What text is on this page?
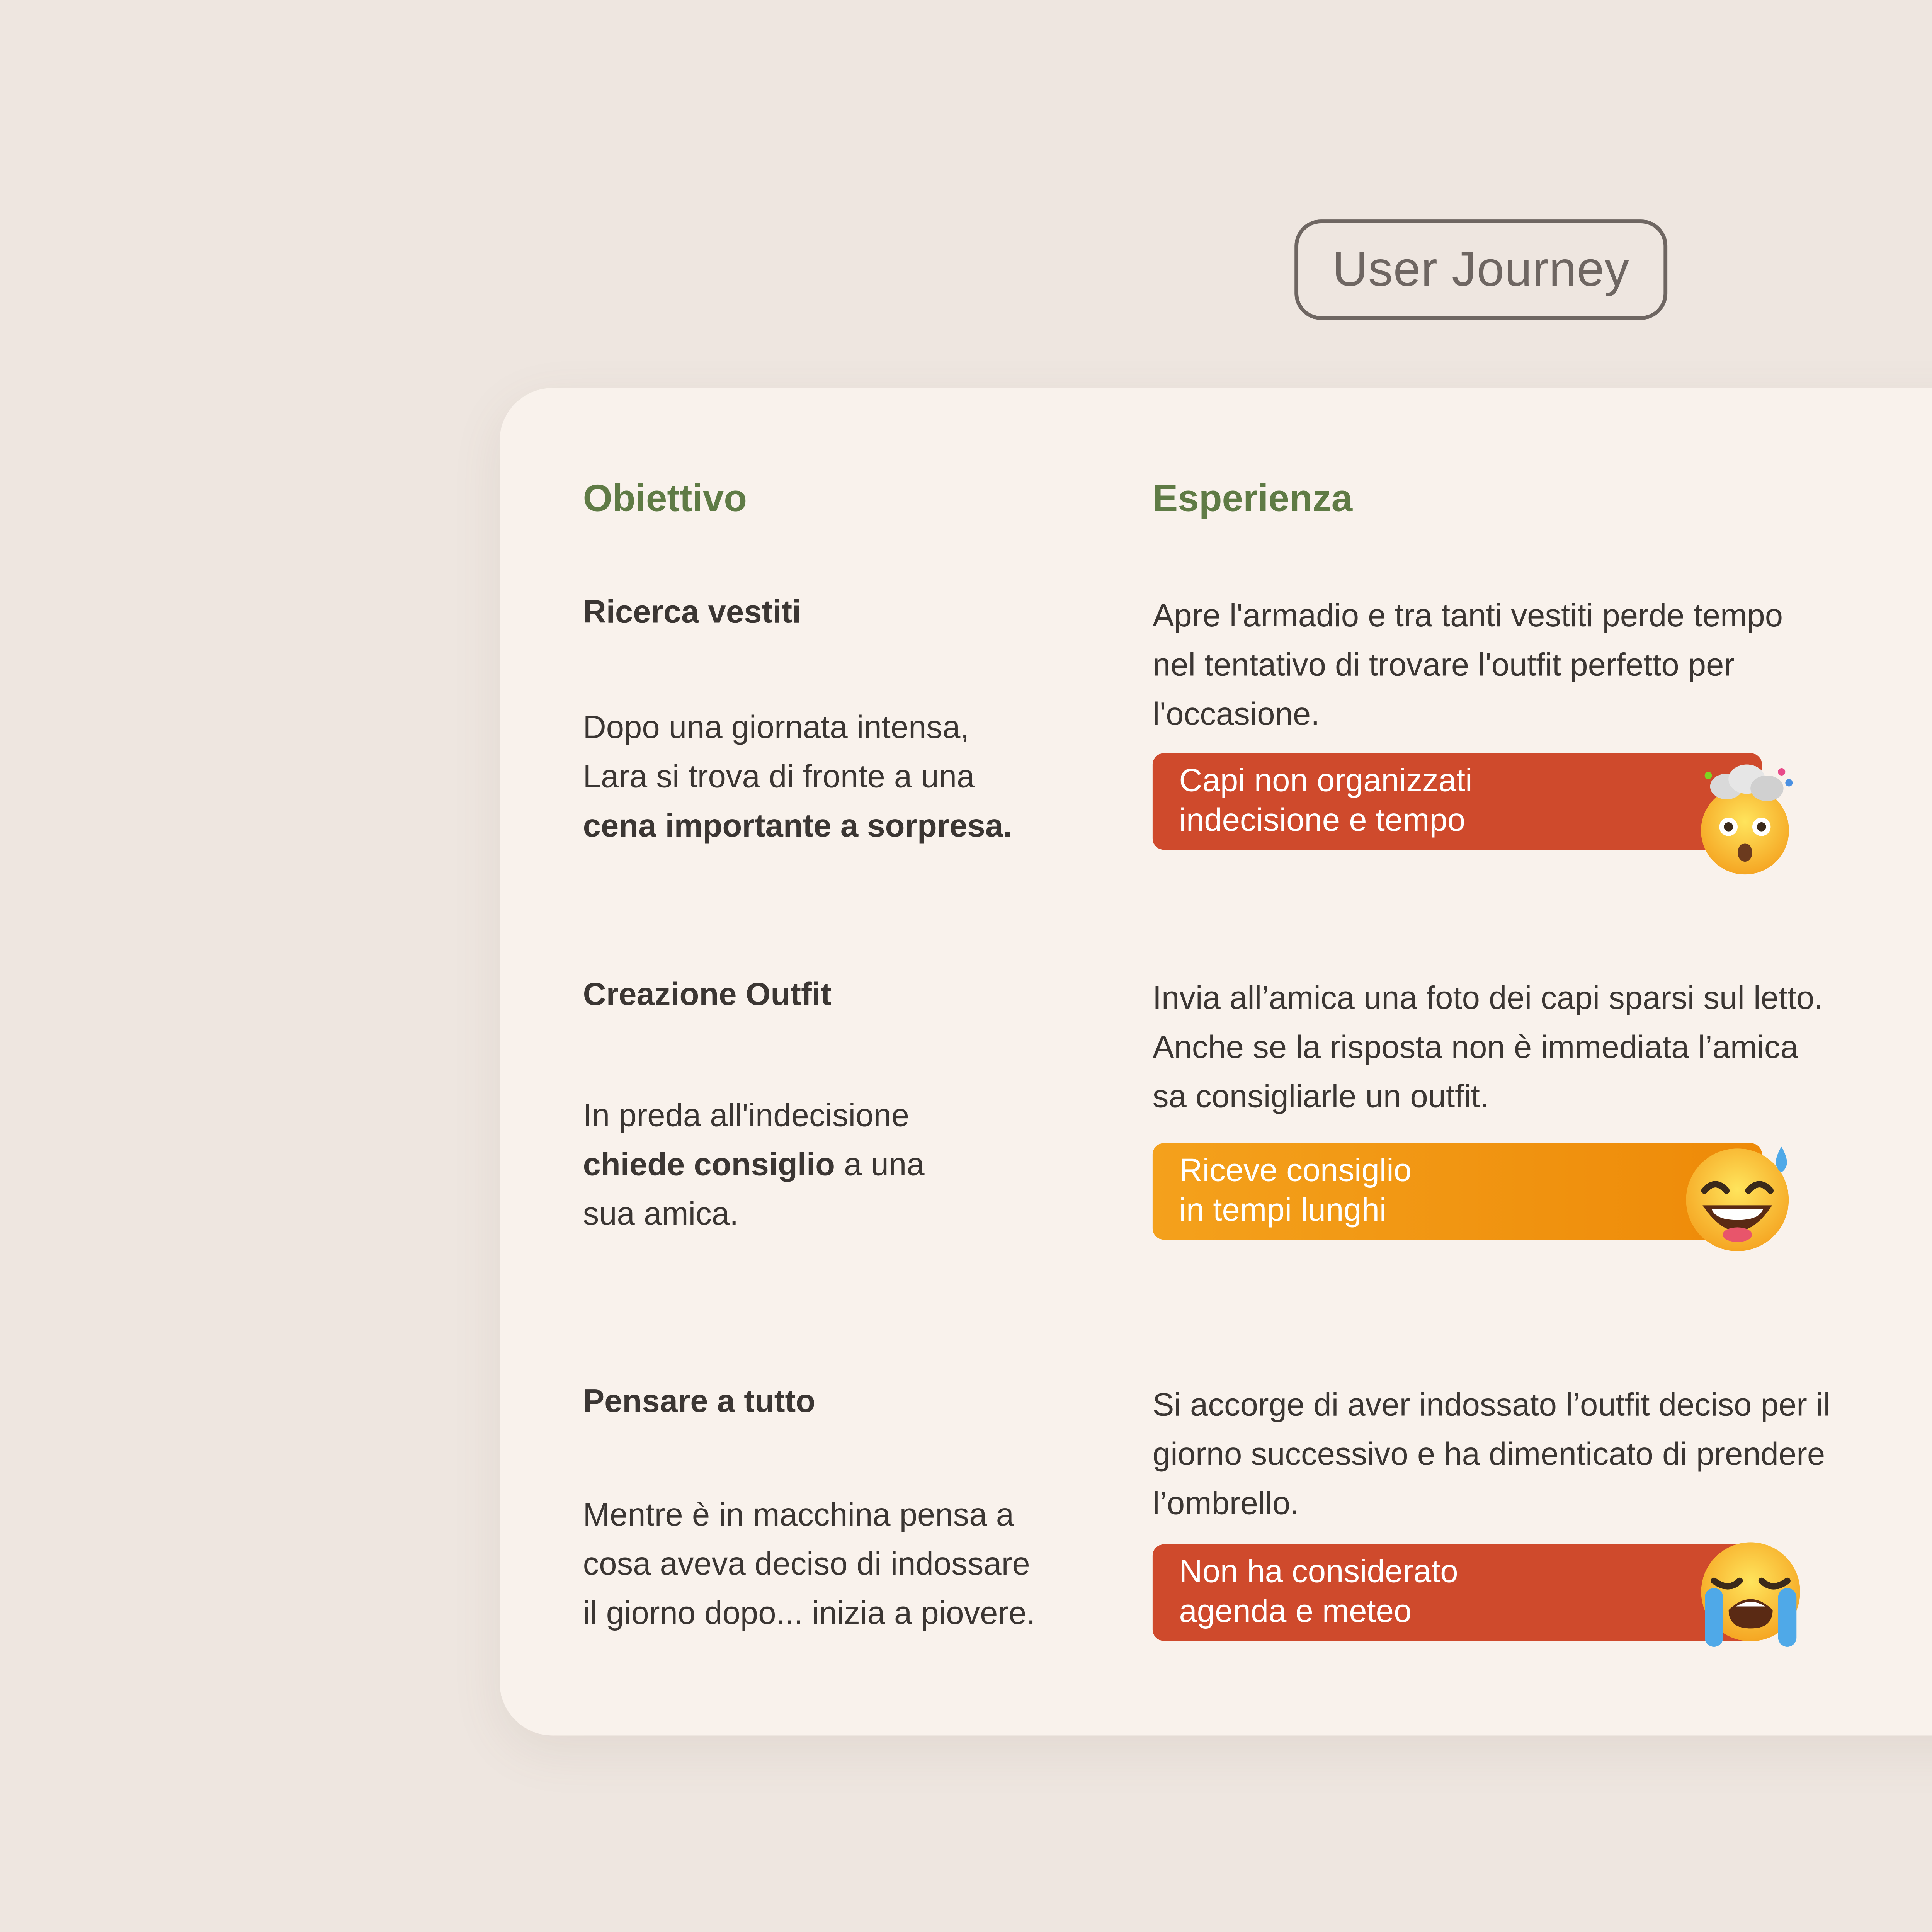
User Journey
Obiettivo	Esperienza
Ricerca vestiti

Dopo una giornata intensa,
Lara si trova di fronte a una
cena importante a sorpresa.

Apre l'armadio e tra tanti vestiti perde tempo nel tentativo di trovare l'outfit perfetto per l'occasione.

Capi non organizzati
indecisione e tempo
Creazione Outfit

In preda all'indecisione
chiede consiglio a una
sua amica.

Invia all’amica una foto dei capi sparsi sul letto. Anche se la risposta non è immediata l’amica sa consigliarle un outfit.

Riceve consiglio
in tempi lunghi
Pensare a tutto

Mentre è in macchina pensa a
cosa aveva deciso di indossare
il giorno dopo... inizia a piovere.

Si accorge di aver indossato l’outfit deciso per il giorno successivo e ha dimenticato di prendere l’ombrello.

Non ha considerato
agenda e meteo
